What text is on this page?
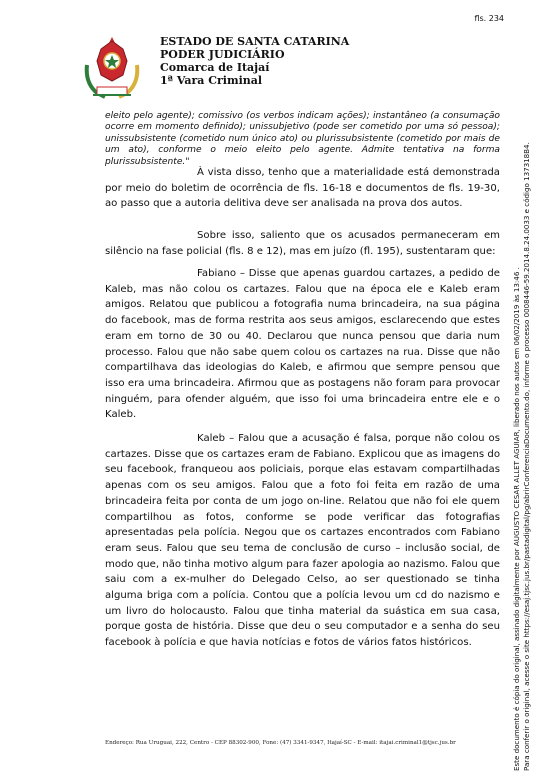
fls. 234
ESTADO DE SANTA CATARINA
PODER JUDICIÁRIO
Comarca de Itajaí
1ª Vara Criminal
eleito pelo agente); comissivo (os verbos indicam ações); instantâneo (a consumação ocorre em momento definido); unissubjetivo (pode ser cometido por uma só pessoa); unissubsistente (cometido num único ato) ou plurissubsistente (cometido por mais de um ato), conforme o meio eleito pelo agente. Admite tentativa na forma plurissubsistente."
À vista disso, tenho que a materialidade está demonstrada por meio do boletim de ocorrência de fls. 16-18 e documentos de fls. 19-30, ao passo que a autoria delitiva deve ser analisada na prova dos autos.
Sobre isso, saliento que os acusados permaneceram em silêncio na fase policial (fls. 8 e 12), mas em juízo (fl. 195), sustentaram que:
Fabiano – Disse que apenas guardou cartazes, a pedido de Kaleb, mas não colou os cartazes. Falou que na época ele e Kaleb eram amigos. Relatou que publicou a fotografia numa brincadeira, na sua página do facebook, mas de forma restrita aos seus amigos, esclarecendo que estes eram em torno de 30 ou 40. Declarou que nunca pensou que daria num processo. Falou que não sabe quem colou os cartazes na rua. Disse que não compartilhava das ideologias do Kaleb, e afirmou que sempre pensou que isso era uma brincadeira. Afirmou que as postagens não foram para provocar ninguém, para ofender alguém, que isso foi uma brincadeira entre ele e o Kaleb.
Kaleb – Falou que a acusação é falsa, porque não colou os cartazes. Disse que os cartazes eram de Fabiano. Explicou que as imagens do seu facebook, franqueou aos policiais, porque elas estavam compartilhadas apenas com os seu amigos. Falou que a foto foi feita em razão de uma brincadeira feita por conta de um jogo on-line. Relatou que não foi ele quem compartilhou as fotos, conforme se pode verificar das fotografias apresentadas pela polícia. Negou que os cartazes encontrados com Fabiano eram seus. Falou que seu tema de conclusão de curso – inclusão social, de modo que, não tinha motivo algum para fazer apologia ao nazismo. Falou que saiu com a ex-mulher do Delegado Celso, ao ser questionado se tinha alguma briga com a polícia. Contou que a polícia levou um cd do nazismo e um livro do holocausto. Falou que tinha material da suástica em sua casa, porque gosta de história. Disse que deu o seu computador e a senha do seu facebook à polícia e que havia notícias e fotos de vários fatos históricos.
Endereço: Rua Uruguai, 222, Centro - CEP 88302-900, Fone: (47) 3341-9347, Itajaí-SC - E-mail: itajai.criminal1@tjsc.jus.br	Este documento é cópia do original, assinado digitalmente por AUGUSTO CESAR ALLET AGUIAR, liberado nos autos em 06/02/2019 às 13:46 . Para conferir o original, acesse o site https://esaj.tjsc.jus.br/pastadigital/pg/abrirConferenciaDocumento.do, informe o processo 0008446-59.2014.8.24.0033 e código 137318B4.
